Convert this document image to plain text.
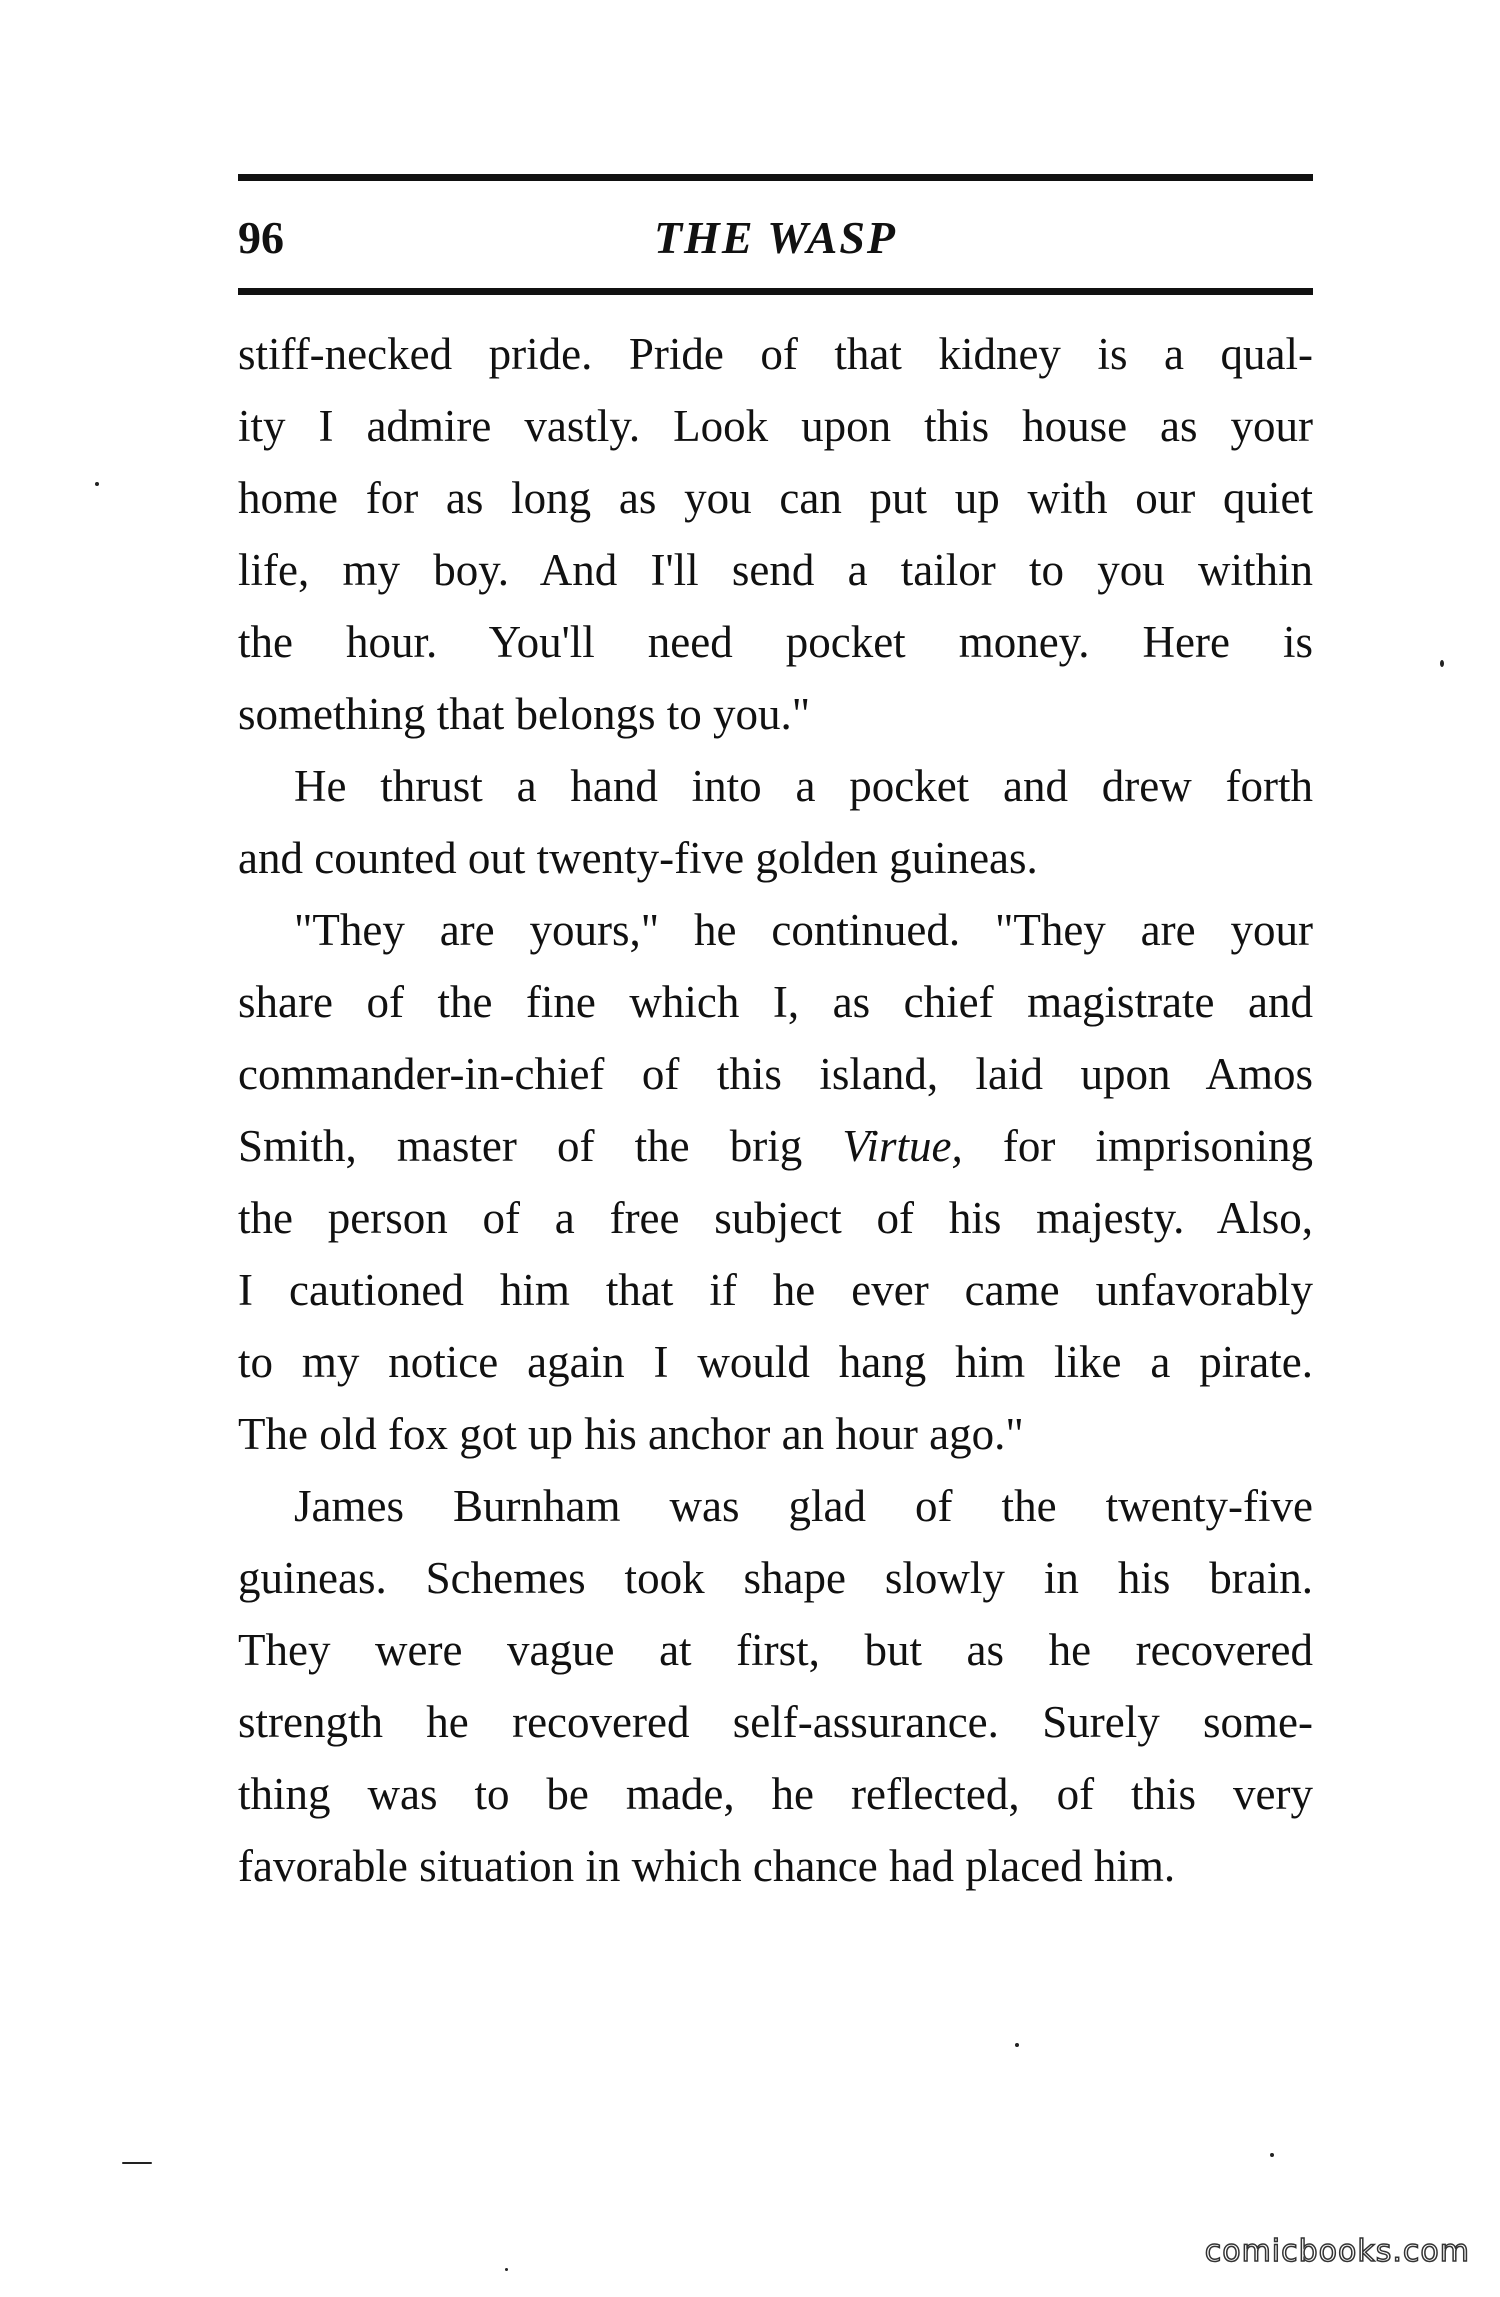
96	THE WASP
stiff-necked pride. Pride of that kidney is a qual-
ity I admire vastly. Look upon this house as your
home for as long as you can put up with our quiet
life, my boy. And I'll send a tailor to you within
the hour. You'll need pocket money. Here is
something that belongs to you."
He thrust a hand into a pocket and drew forth
and counted out twenty-five golden guineas.
"They are yours," he continued. "They are your
share of the fine which I, as chief magistrate and
commander-in-chief of this island, laid upon Amos
Smith, master of the brig Virtue, for imprisoning
the person of a free subject of his majesty. Also,
I cautioned him that if he ever came unfavorably
to my notice again I would hang him like a pirate.
The old fox got up his anchor an hour ago."
James Burnham was glad of the twenty-five
guineas. Schemes took shape slowly in his brain.
They were vague at first, but as he recovered
strength he recovered self-assurance. Surely some-
thing was to be made, he reflected, of this very
favorable situation in which chance had placed him.
comicbooks.com
